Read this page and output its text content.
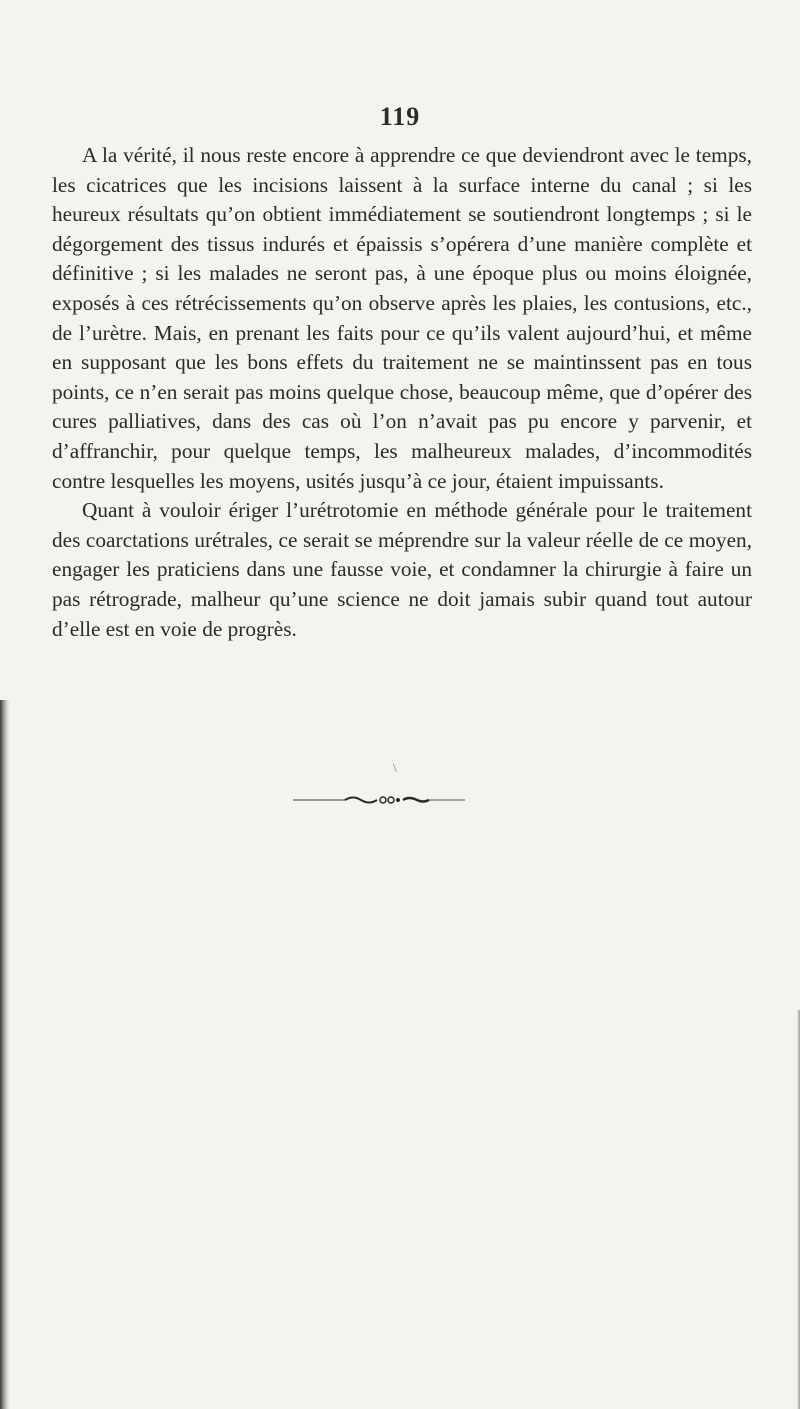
119

A la vérité, il nous reste encore à apprendre ce que deviendront avec le temps, les cicatrices que les incisions laissent à la surface interne du canal ; si les heureux résultats qu’on obtient immédiatement se soutiendront longtemps ; si le dégorgement des tissus indurés et épaissis s’opérera d’une manière complète et définitive ; si les malades ne seront pas, à une époque plus ou moins éloignée, exposés à ces rétrécissements qu’on observe après les plaies, les contusions, etc., de l’urètre. Mais, en prenant les faits pour ce qu’ils valent aujourd’hui, et même en supposant que les bons effets du traitement ne se maintinssent pas en tous points, ce n’en serait pas moins quelque chose, beaucoup même, que d’opérer des cures palliatives, dans des cas où l’on n’avait pas pu encore y parvenir, et d’affranchir, pour quelque temps, les malheureux malades, d’incommodités contre lesquelles les moyens, usités jusqu’à ce jour, étaient impuissants.

Quant à vouloir ériger l’urétrotomie en méthode générale pour le traitement des coarctations urétrales, ce serait se méprendre sur la valeur réelle de ce moyen, engager les praticiens dans une fausse voie, et condamner la chirurgie à faire un pas rétrograde, malheur qu’une science ne doit jamais subir quand tout autour d’elle est en voie de progrès.

\
